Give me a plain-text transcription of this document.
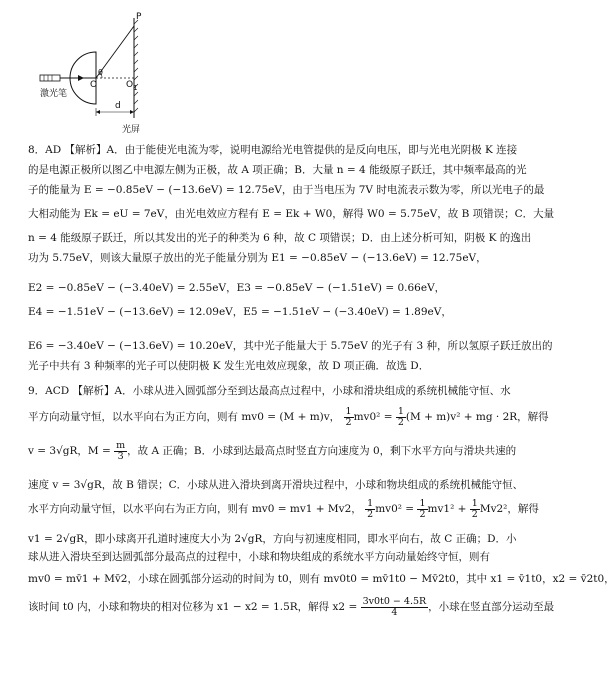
P
θ
O	$O_1$
d
激光笔
光屏
8．AD 【解析】A．由于能使光电流为零，说明电源给光电管提供的是反向电压，即与光电光阴极 K 连接
的是电源正极所以图乙中电源左侧为正极，故 A 项正确；B．大量 n = 4 能级原子跃迁，其中频率最高的光
子的能量为 E = −0.85eV − (−13.6eV) = 12.75eV，由于当电压为 7V 时电流表示数为零，所以光电子的最
大相动能为 Ek = eU = 7eV，由光电效应方程有 E = Ek + W0，解得 W0 = 5.75eV，故 B 项错误；C．大量
n = 4 能级原子跃迁，所以其发出的光子的种类为 6 种，故 C 项错误；D．由上述分析可知，阴极 K 的逸出
功为 5.75eV，则该大量原子放出的光子能量分别为 E1 = −0.85eV − (−13.6eV) = 12.75eV，
E2 = −0.85eV − (−3.40eV) = 2.55eV，E3 = −0.85eV − (−1.51eV) = 0.66eV，
E4 = −1.51eV − (−13.6eV) = 12.09eV，E5 = −1.51eV − (−3.40eV) = 1.89eV，
E6 = −3.40eV − (−13.6eV) = 10.20eV，其中光子能量大于 5.75eV 的光子有 3 种，所以氢原子跃迁放出的
光子中共有 3 种频率的光子可以使阴极 K 发生光电效应现象，故 D 项正确．故选 D．
9．ACD 【解析】A．小球从进入圆弧部分至到达最高点过程中，小球和滑块组成的系统机械能守恒、水
平方向动量守恒，以水平向右为正方向，则有 mv0 = (M + m)v， $\frac{1}{2} mv0^2 = \frac{1}{2} (M + m)v^2$ + mg · 2R，解得
v = 3√gR，$M = \frac{m}{3}$ ，故 A 正确；B．小球到达最高点时竖直方向速度为 0，剩下水平方向与滑块共速的
速度 v = 3√gR，故 B 错误；C．小球从进入滑块到离开滑块过程中，小球和物块组成的系统机械能守恒、
水平方向动量守恒，以水平向右为正方向，则有 mv0 = mv1 + Mv2， $\frac{1}{2} mv0^2 = \frac{1}{2} mv1^2 + \frac{1}{2} Mv2^2$，解得
v1 = 2√gR，即小球离开孔道时速度大小为 2√gR，方向与初速度相同，即水平向右，故 C 正确；D．小
球从进入滑块至到达圆弧部分最高点的过程中，小球和物块组成的系统水平方向动量始终守恒，则有
mv0 = mv̄1 + Mv̄2，小球在圆弧部分运动的时间为 t0，则有 mv0t0 = mv̄1t0 − Mv̄2t0，其中 x1 = v̄1t0，x2 = v̄2t0，
该时间 t0 内，小球和物块的相对位移为 x1 − x2 = 1.5R，解得 $x2 = \frac{3v0t0 - 4.5R}{4}$ ，小球在竖直部分运动至最
